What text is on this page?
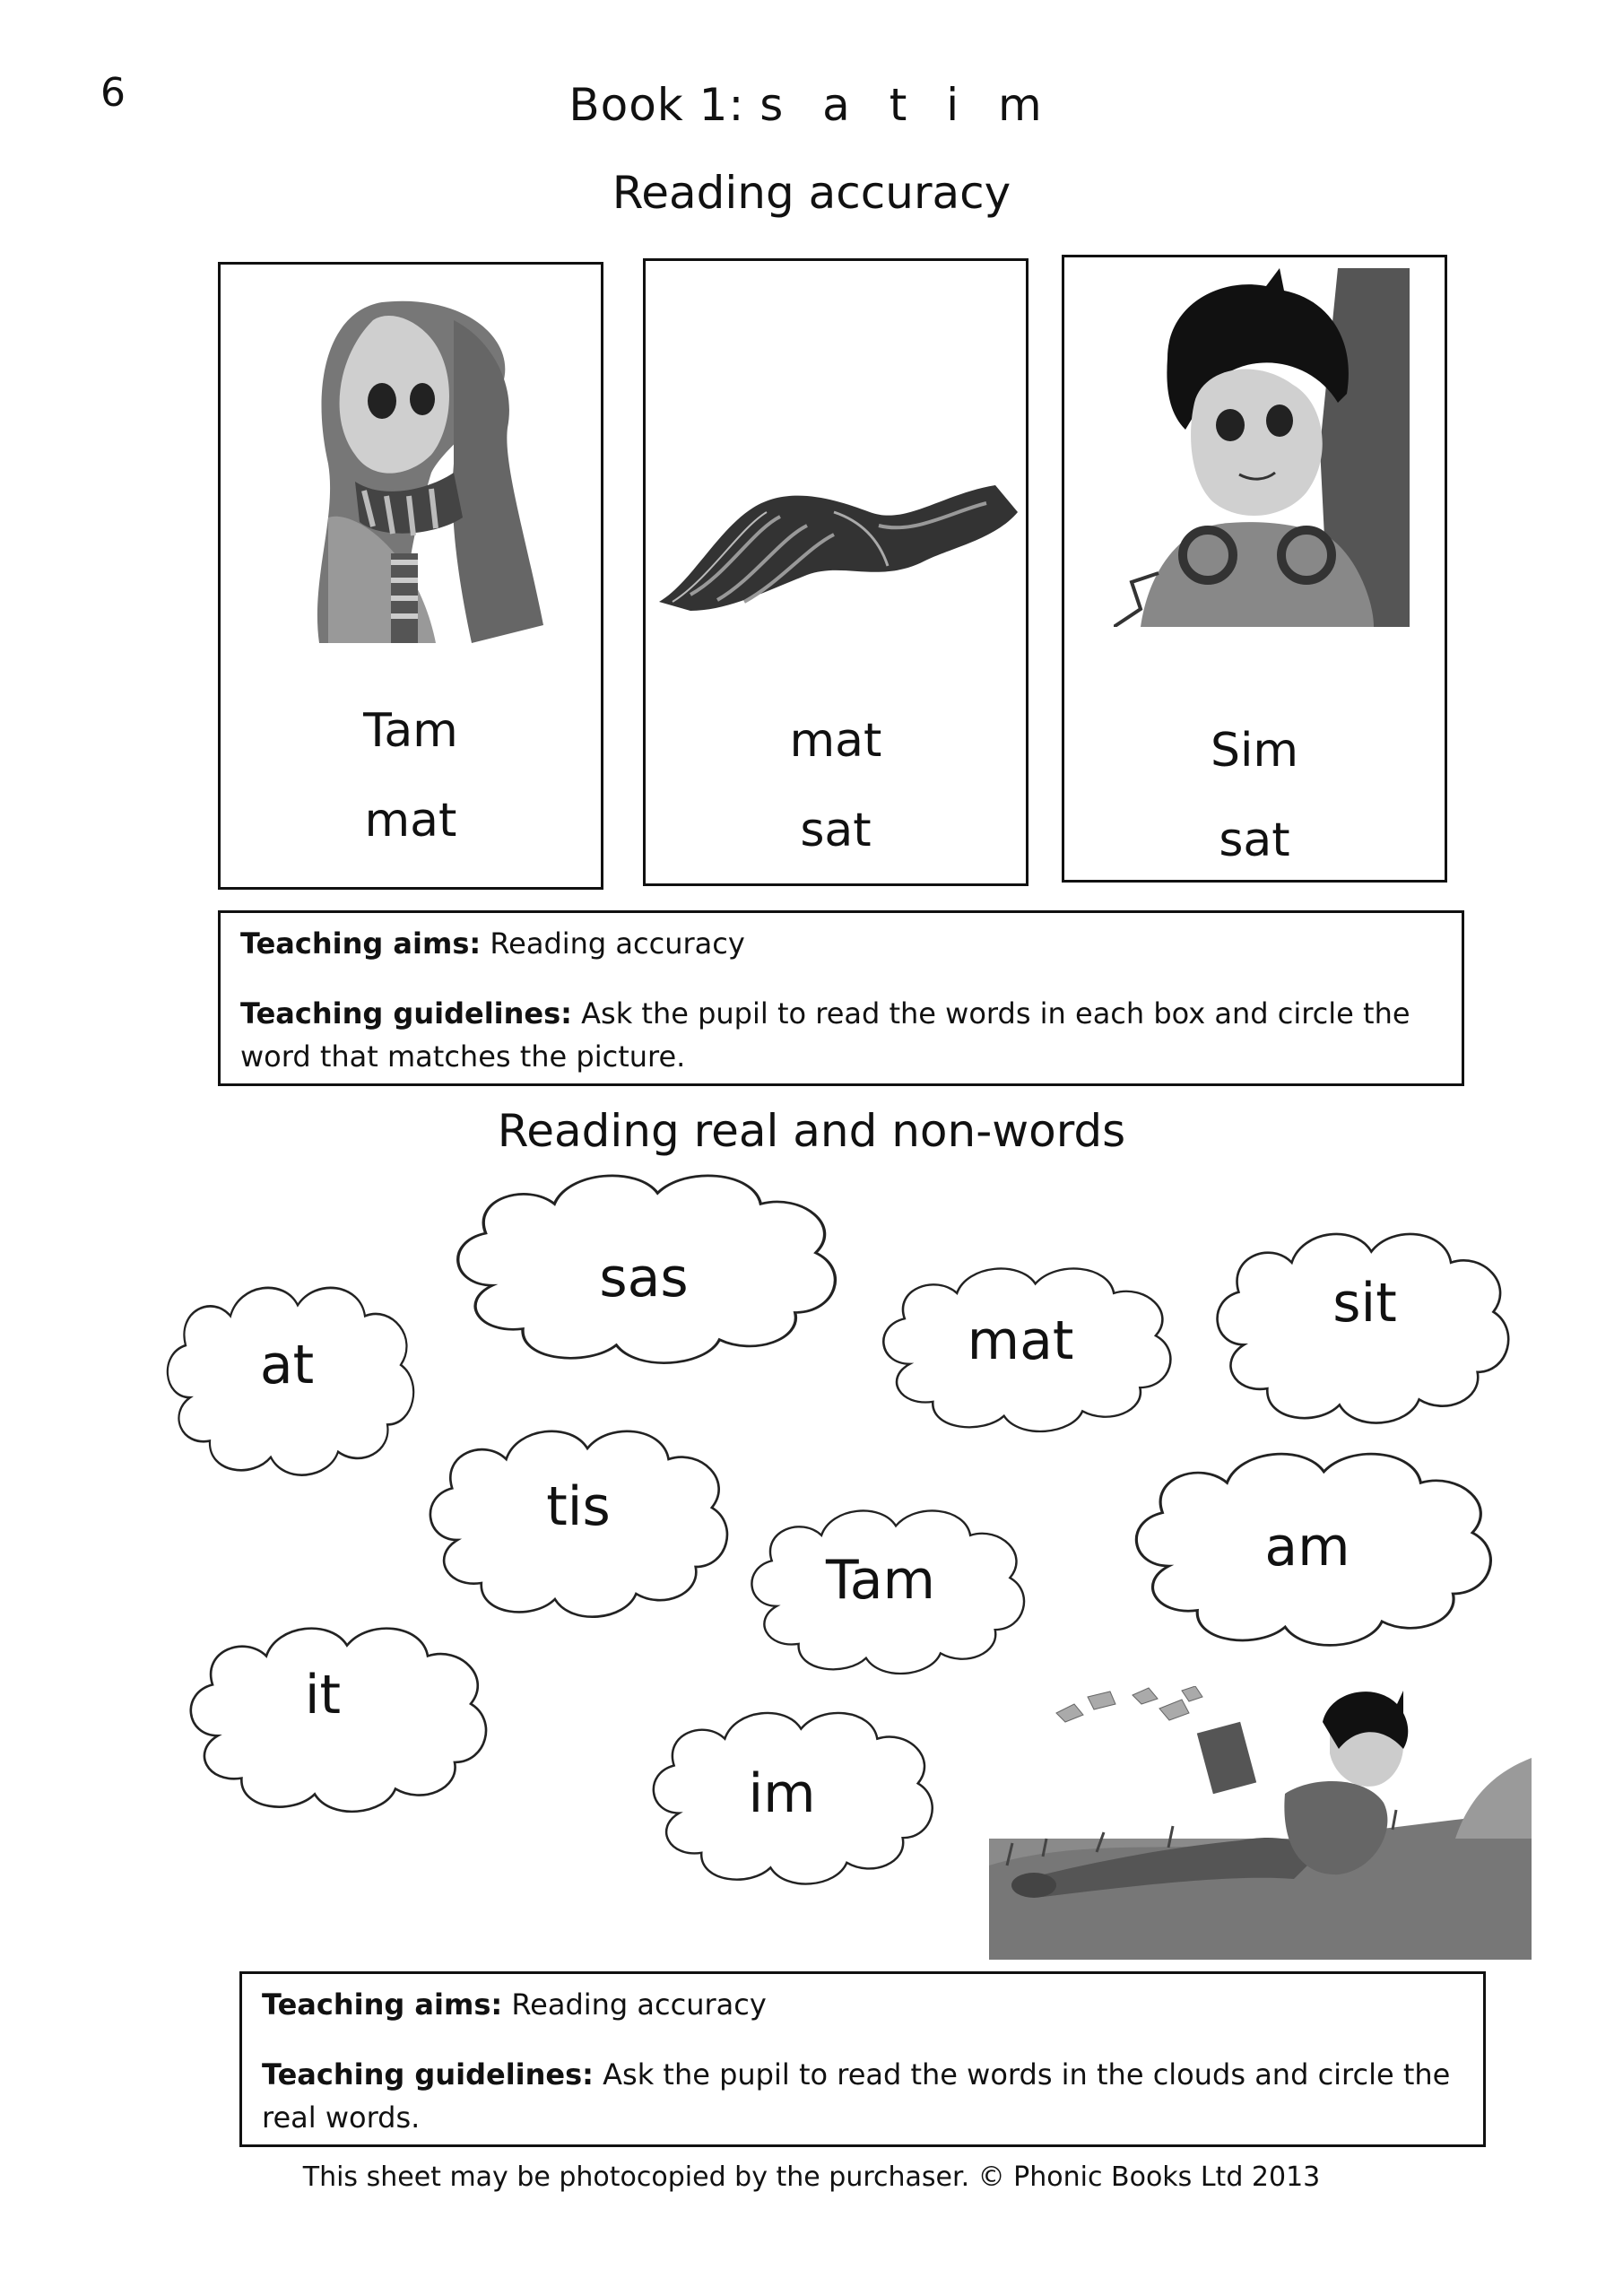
6	Book 1: s a t i m
Reading accuracy
Tam
mat
mat
sat
Sim
sat

Teaching aims: Reading accuracy

Teaching guidelines: Ask the pupil to read the words in each box and circle the word that matches the picture.

Reading real and non-words
at
sas
mat
sit
tis
Tam
am
it
im

Teaching aims: Reading accuracy

Teaching guidelines: Ask the pupil to read the words in the clouds and circle the real words.

This sheet may be photocopied by the purchaser. © Phonic Books Ltd 2013
